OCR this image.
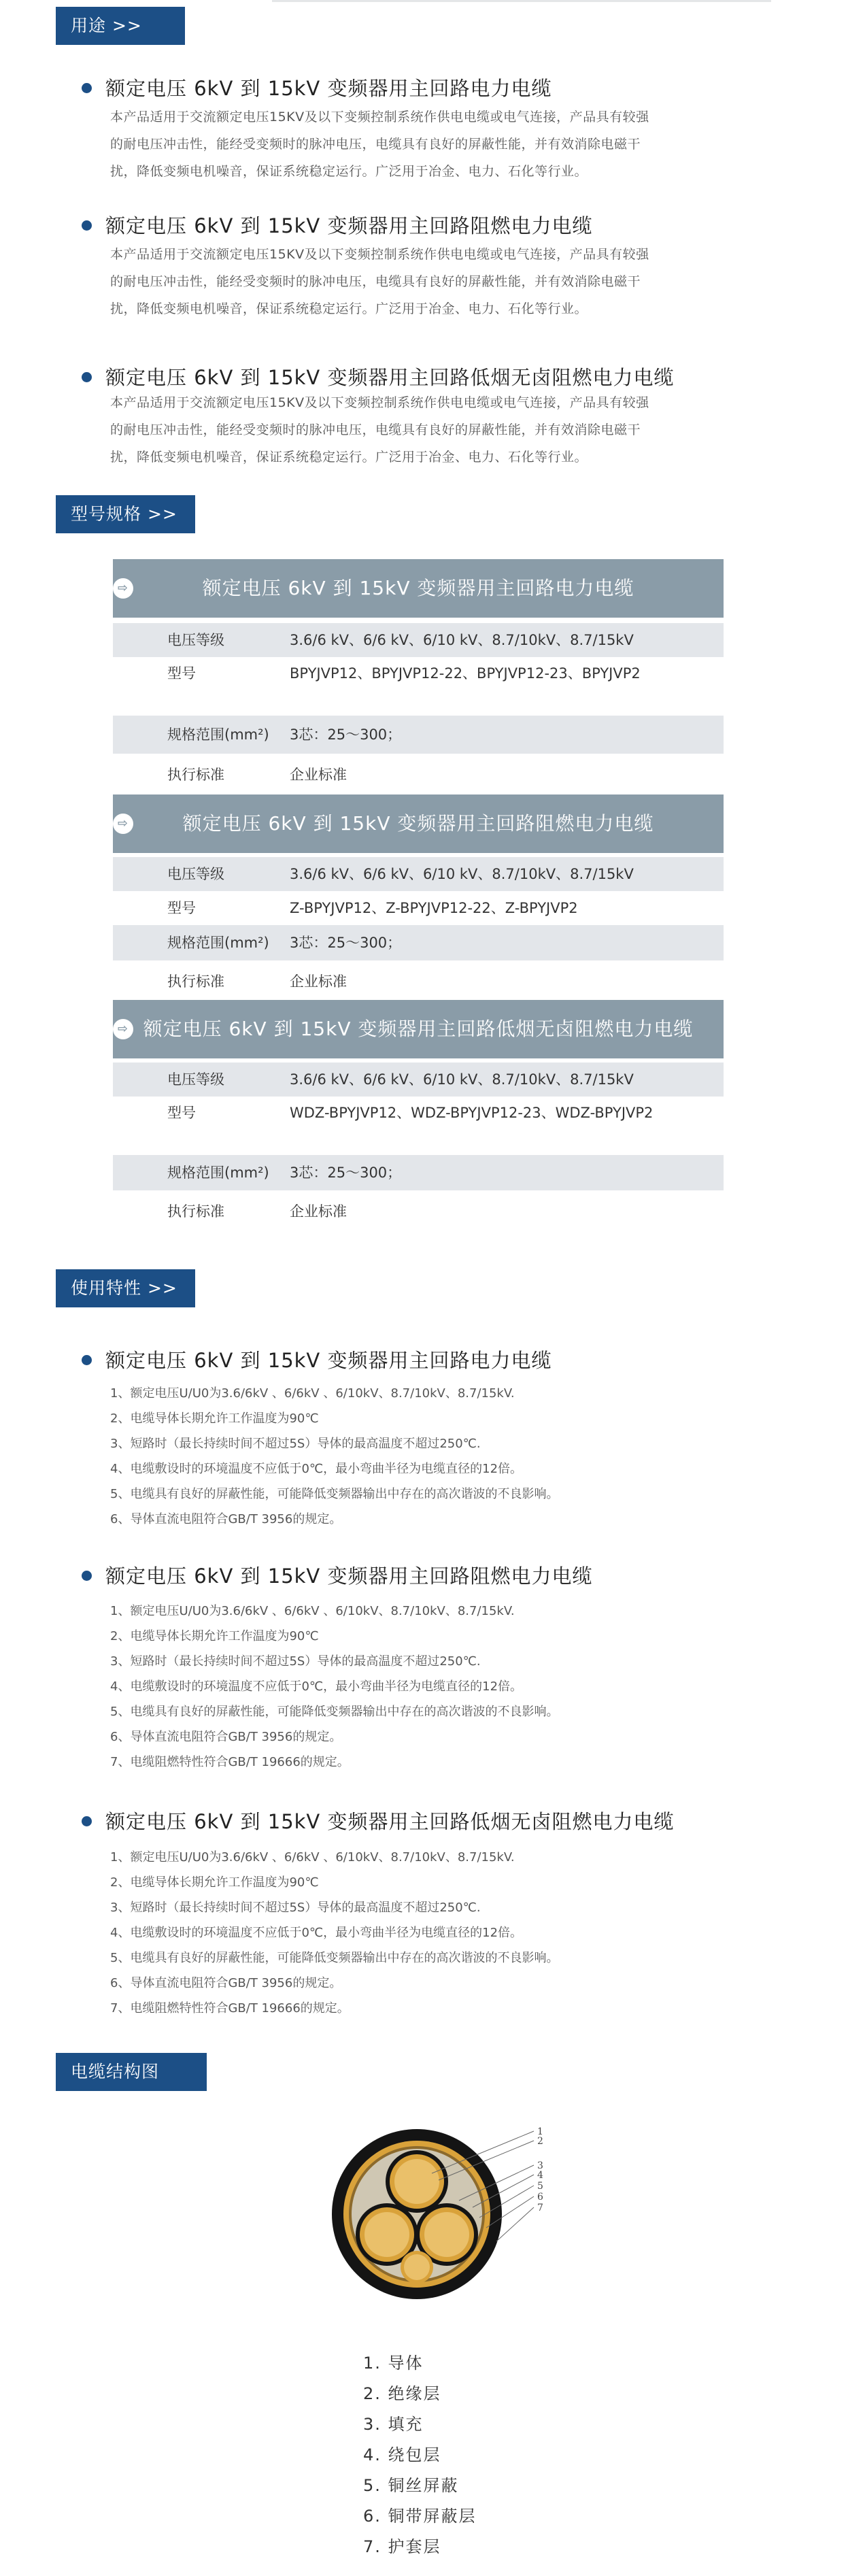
用途 >>
额定电压 6kV 到 15kV 变频器用主回路电力电缆
本产品适用于交流额定电压15KV及以下变频控制系统作供电电缆或电气连接，产品具有较强
的耐电压冲击性，能经受变频时的脉冲电压，电缆具有良好的屏蔽性能，并有效消除电磁干
扰，降低变频电机噪音，保证系统稳定运行。广泛用于冶金、电力、石化等行业。
额定电压 6kV 到 15kV 变频器用主回路阻燃电力电缆
本产品适用于交流额定电压15KV及以下变频控制系统作供电电缆或电气连接，产品具有较强
的耐电压冲击性，能经受变频时的脉冲电压，电缆具有良好的屏蔽性能，并有效消除电磁干
扰，降低变频电机噪音，保证系统稳定运行。广泛用于冶金、电力、石化等行业。
额定电压 6kV 到 15kV 变频器用主回路低烟无卤阻燃电力电缆
本产品适用于交流额定电压15KV及以下变频控制系统作供电电缆或电气连接，产品具有较强
的耐电压冲击性，能经受变频时的脉冲电压，电缆具有良好的屏蔽性能，并有效消除电磁干
扰，降低变频电机噪音，保证系统稳定运行。广泛用于冶金、电力、石化等行业。
型号规格 >>
⇨	额定电压 6kV 到 15kV 变频器用主回路电力电缆
电压等级	3.6/6 kV、6/6 kV、6/10 kV、8.7/10kV、8.7/15kV
型号	BPYJVP12、BPYJVP12-22、BPYJVP12-23、BPYJVP2
规格范围(mm²)	3芯：25～300；
执行标准	企业标准
⇨	额定电压 6kV 到 15kV 变频器用主回路阻燃电力电缆
电压等级	3.6/6 kV、6/6 kV、6/10 kV、8.7/10kV、8.7/15kV
型号	Z-BPYJVP12、Z-BPYJVP12-22、Z-BPYJVP2
规格范围(mm²)	3芯：25～300；
执行标准	企业标准
⇨ 额定电压 6kV 到 15kV 变频器用主回路低烟无卤阻燃电力电缆
电压等级	3.6/6 kV、6/6 kV、6/10 kV、8.7/10kV、8.7/15kV
型号	WDZ-BPYJVP12、WDZ-BPYJVP12-23、WDZ-BPYJVP2
规格范围(mm²)	3芯：25～300；
执行标准	企业标准
使用特性 >>
额定电压 6kV 到 15kV 变频器用主回路电力电缆
1、额定电压U/U0为3.6/6kV 、6/6kV 、6/10kV、8.7/10kV、8.7/15kV.
2、电缆导体长期允许工作温度为90℃
3、短路时（最长持续时间不超过5S）导体的最高温度不超过250℃.
4、电缆敷设时的环境温度不应低于0℃，最小弯曲半径为电缆直径的12倍。
5、电缆具有良好的屏蔽性能，可能降低变频器输出中存在的高次谐波的不良影响。
6、导体直流电阻符合GB/T 3956的规定。
额定电压 6kV 到 15kV 变频器用主回路阻燃电力电缆
1、额定电压U/U0为3.6/6kV 、6/6kV 、6/10kV、8.7/10kV、8.7/15kV.
2、电缆导体长期允许工作温度为90℃
3、短路时（最长持续时间不超过5S）导体的最高温度不超过250℃.
4、电缆敷设时的环境温度不应低于0℃，最小弯曲半径为电缆直径的12倍。
5、电缆具有良好的屏蔽性能，可能降低变频器输出中存在的高次谐波的不良影响。
6、导体直流电阻符合GB/T 3956的规定。
7、电缆阻燃特性符合GB/T 19666的规定。
额定电压 6kV 到 15kV 变频器用主回路低烟无卤阻燃电力电缆
1、额定电压U/U0为3.6/6kV 、6/6kV 、6/10kV、8.7/10kV、8.7/15kV.
2、电缆导体长期允许工作温度为90℃
3、短路时（最长持续时间不超过5S）导体的最高温度不超过250℃.
4、电缆敷设时的环境温度不应低于0℃，最小弯曲半径为电缆直径的12倍。
5、电缆具有良好的屏蔽性能，可能降低变频器输出中存在的高次谐波的不良影响。
6、导体直流电阻符合GB/T 3956的规定。
7、电缆阻燃特性符合GB/T 19666的规定。
电缆结构图 >>
1
2
3
4
5
6
7
1. 导体
2. 绝缘层
3. 填充
4. 绕包层
5. 铜丝屏蔽
6. 铜带屏蔽层
7. 护套层
